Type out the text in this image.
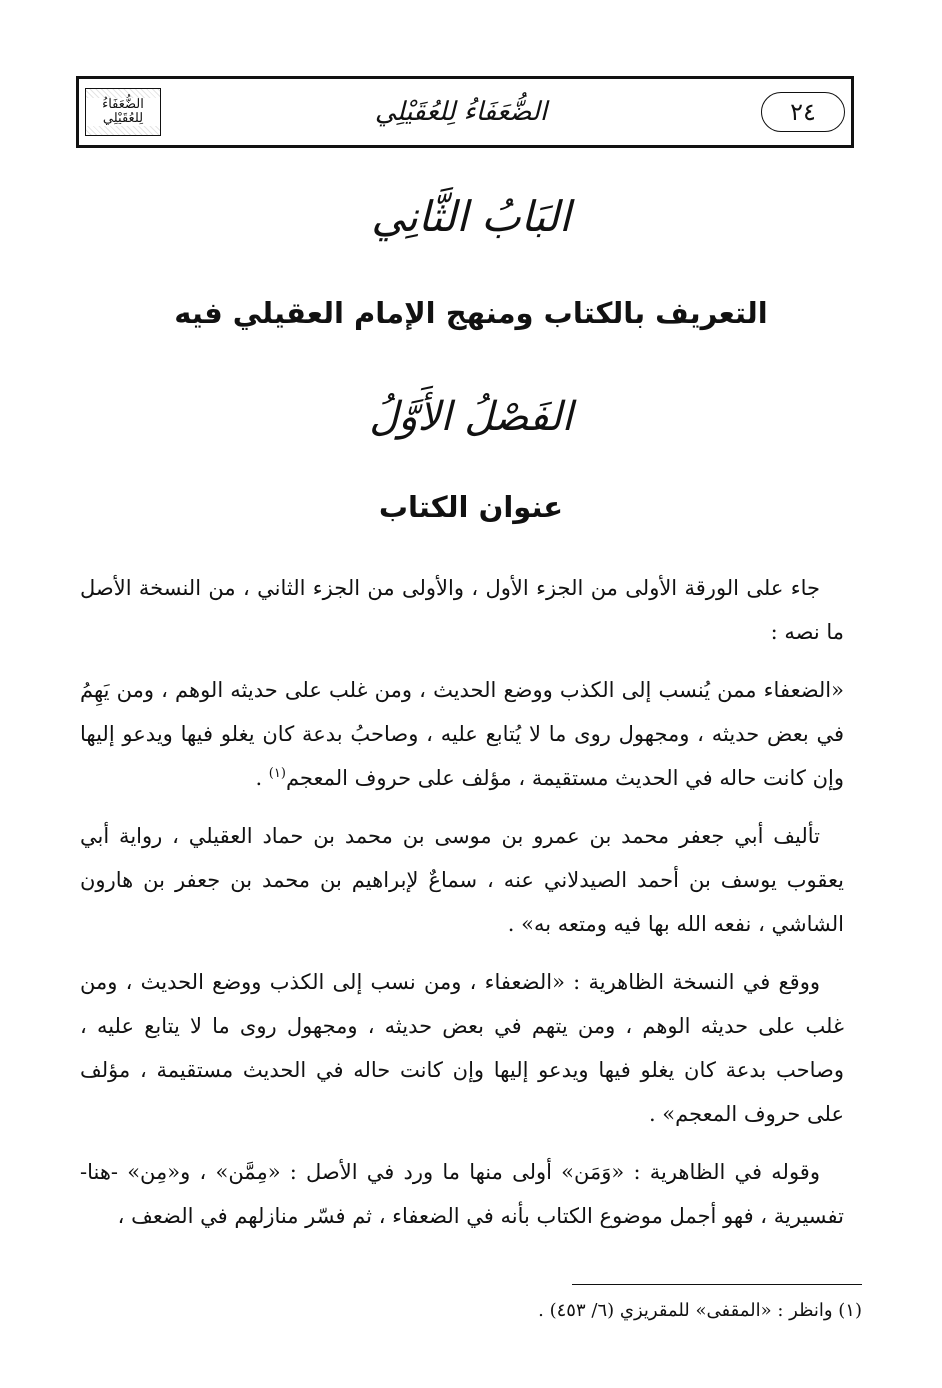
٢٤
الضُّعَفَاءُ لِلعُقَيْلِي
الضُّعَفَاءُ لِلعُقَيْلِي
البَابُ الثَّانِي
التعريف بالكتاب ومنهج الإمام العقيلي فيه
الفَصْلُ الأَوَّلُ
عنوان الكتاب

جاء على الورقة الأولى من الجزء الأول ، والأولى من الجزء الثاني ، من النسخة الأصل ما نصه :

«الضعفاء ممن يُنسب إلى الكذب ووضع الحديث ، ومن غلب على حديثه الوهم ، ومن يَهِمُ في بعض حديثه ، ومجهول روى ما لا يُتابع عليه ، وصاحبُ بدعة كان يغلو فيها ويدعو إليها وإن كانت حاله في الحديث مستقيمة ، مؤلف على حروف المعجم$^{(١)}$ .

تأليف أبي جعفر محمد بن عمرو بن موسى بن محمد بن حماد العقيلي ، رواية أبي يعقوب يوسف بن أحمد الصيدلاني عنه ، سماعٌ لإبراهيم بن محمد بن جعفر بن هارون الشاشي ، نفعه الله بها فيه ومتعه به» .

ووقع في النسخة الظاهرية : «الضعفاء ، ومن نسب إلى الكذب ووضع الحديث ، ومن غلب على حديثه الوهم ، ومن يتهم في بعض حديثه ، ومجهول روى ما لا يتابع عليه ، وصاحب بدعة كان يغلو فيها ويدعو إليها وإن كانت حاله في الحديث مستقيمة ، مؤلف على حروف المعجم» .

وقوله في الظاهرية : «وَمَن» أولى منها ما ورد في الأصل : «مِمَّن» ، و«مِن» -هنا- تفسيرية ، فهو أجمل موضوع الكتاب بأنه في الضعفاء ، ثم فسّر منازلهم في الضعف ،

(١) وانظر : «المقفى» للمقريزي (٦/ ٤٥٣) .
